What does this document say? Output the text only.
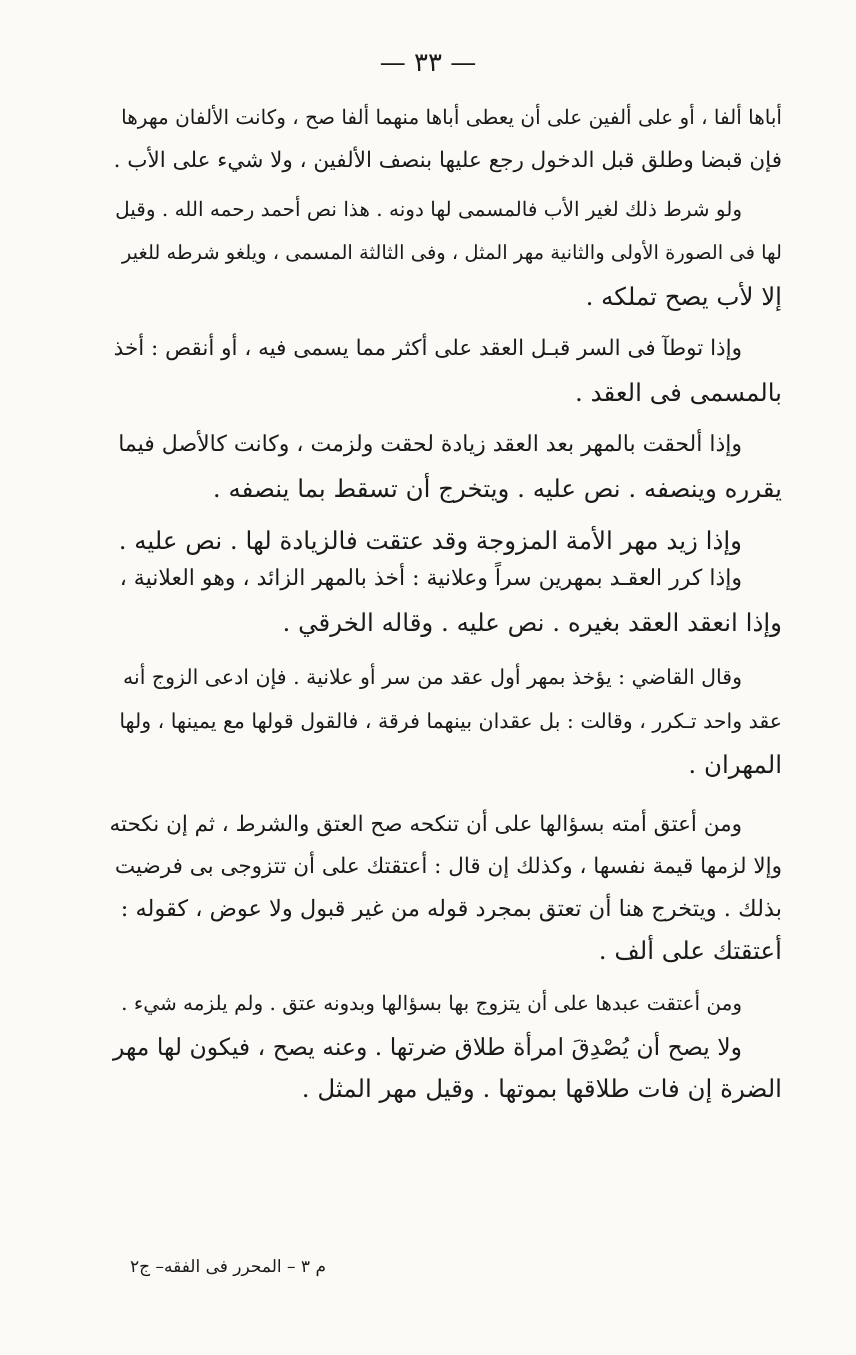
— ٣٣ —
أباها ألفا ، أو على ألفين على أن يعطى أباها منهما ألفا صح ، وكانت الألفان مهرها
فإن قبضا وطلق قبل الدخول رجع عليها بنصف الألفين ، ولا شيء على الأب .
ولو شرط ذلك لغير الأب فالمسمى لها دونه . هذا نص أحمد رحمه الله . وقيل
لها فى الصورة الأولى والثانية مهر المثل ، وفى الثالثة المسمى ، ويلغو شرطه للغير
إلا لأب يصح تملكه .
وإذا توطآ فى السر قبـل العقد على أكثر مما يسمى فيه ، أو أنقص : أخذ
بالمسمى فى العقد .
وإذا ألحقت بالمهر بعد العقد زيادة لحقت ولزمت ، وكانت كالأصل فيما
يقرره وينصفه . نص عليه . ويتخرج أن تسقط بما ينصفه .
وإذا زيد مهر الأمة المزوجة وقد عتقت فالزيادة لها . نص عليه .
وإذا كرر العقـد بمهرين سراً وعلانية : أخذ بالمهر الزائد ، وهو العلانية ،
وإذا انعقد العقد بغيره . نص عليه . وقاله الخرقي .
وقال القاضي : يؤخذ بمهر أول عقد من سر أو علانية . فإن ادعى الزوج أنه
عقد واحد تـكرر ، وقالت : بل عقدان بينهما فرقة ، فالقول قولها مع يمينها ، ولها
المهران .
ومن أعتق أمته بسؤالها على أن تنكحه صح العتق والشرط ، ثم إن نكحته
وإلا لزمها قيمة نفسها ، وكذلك إن قال : أعتقتك على أن تتزوجى بى فرضيت
بذلك . ويتخرج هنا أن تعتق بمجرد قوله من غير قبول ولا عوض ، كقوله :
أعتقتك على ألف .
ومن أعتقت عبدها على أن يتزوج بها بسؤالها وبدونه عتق . ولم يلزمه شيء .
ولا يصح أن يُصْدِقَ امرأة طلاق ضرتها . وعنه يصح ، فيكون لها مهر
الضرة إن فات طلاقها بموتها . وقيل مهر المثل .
م ٣ – المحرر فى الفقه– ج٢
